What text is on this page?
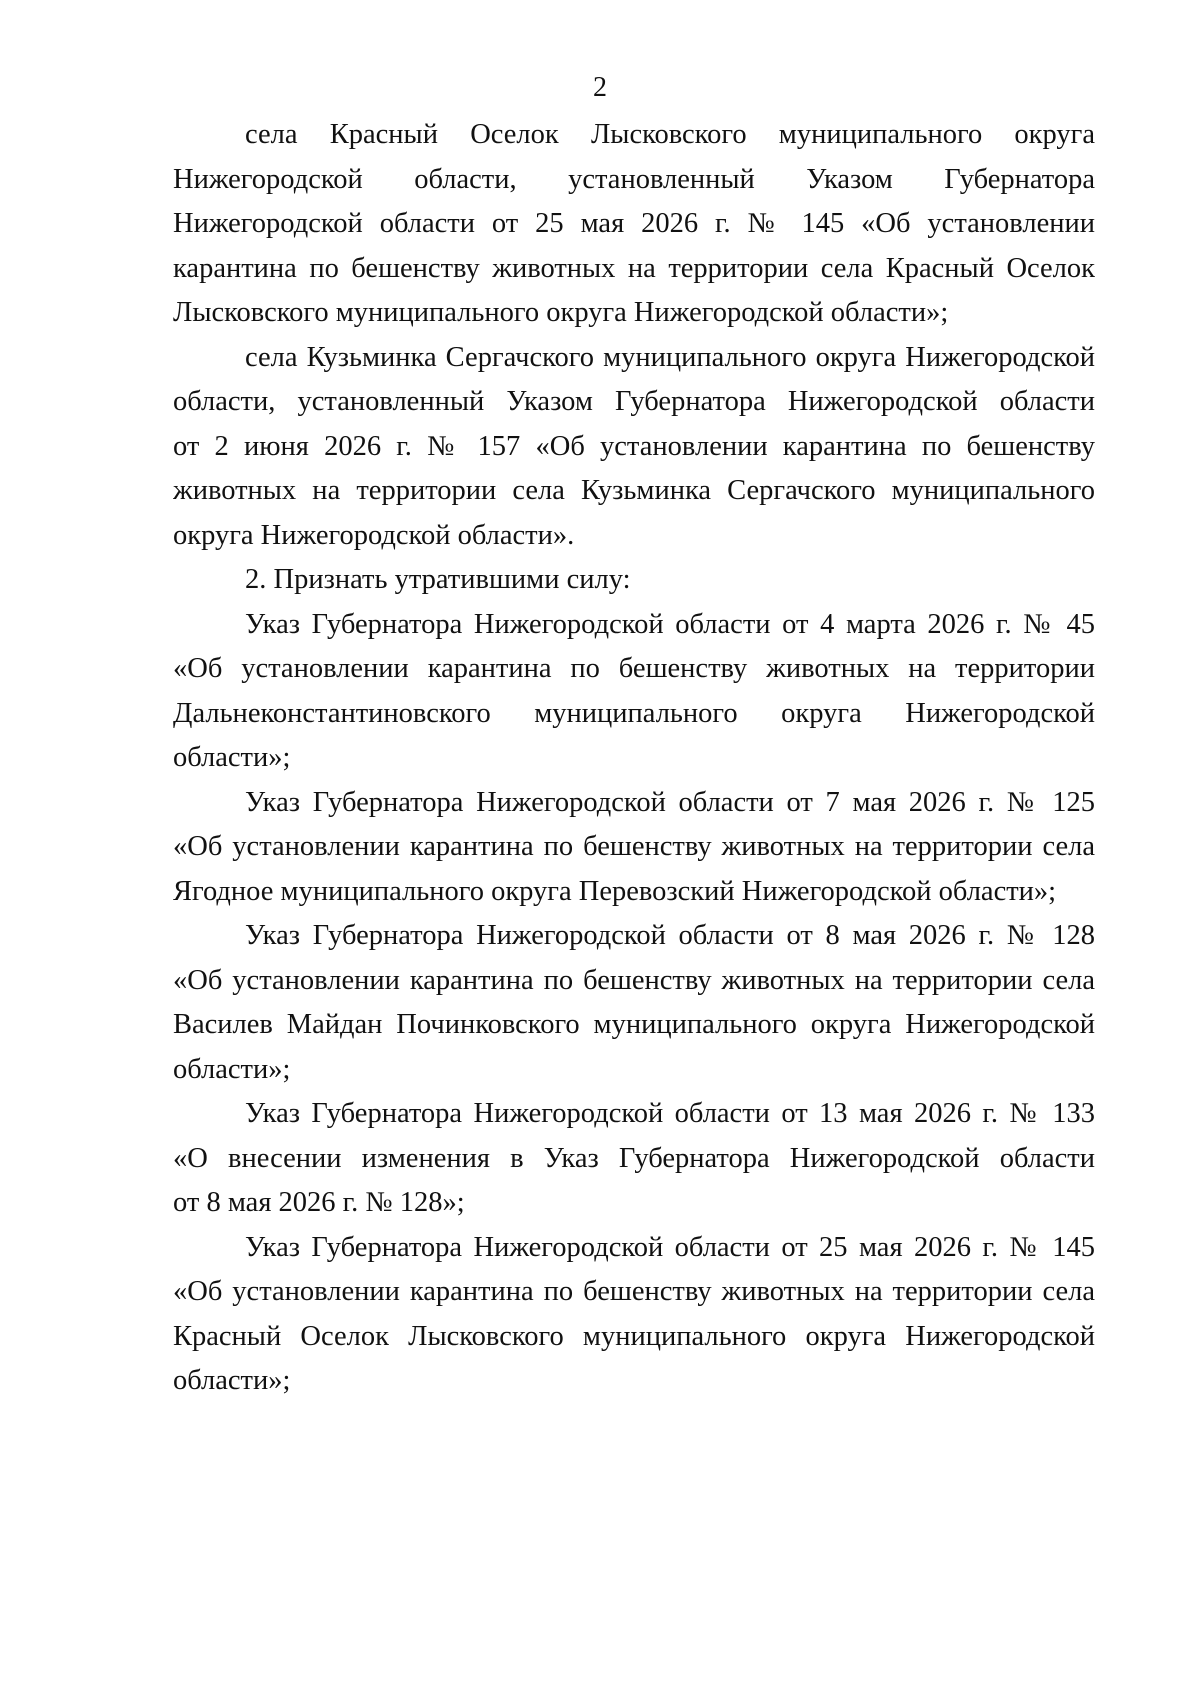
2
села Красный Оселок Лысковского муниципального округа
Нижегородской области, установленный Указом Губернатора
Нижегородской области от 25 мая 2026 г. № 145 «Об установлении
карантина по бешенству животных на территории села Красный Оселок
Лысковского муниципального округа Нижегородской области»;
села Кузьминка Сергачского муниципального округа Нижегородской
области, установленный Указом Губернатора Нижегородской области
от 2 июня 2026 г. № 157 «Об установлении карантина по бешенству
животных на территории села Кузьминка Сергачского муниципального
округа Нижегородской области».
2. Признать утратившими силу:
Указ Губернатора Нижегородской области от 4 марта 2026 г. № 45
«Об установлении карантина по бешенству животных на территории
Дальнеконстантиновского муниципального округа Нижегородской
области»;
Указ Губернатора Нижегородской области от 7 мая 2026 г. № 125
«Об установлении карантина по бешенству животных на территории села
Ягодное муниципального округа Перевозский Нижегородской области»;
Указ Губернатора Нижегородской области от 8 мая 2026 г. № 128
«Об установлении карантина по бешенству животных на территории села
Василев Майдан Починковского муниципального округа Нижегородской
области»;
Указ Губернатора Нижегородской области от 13 мая 2026 г. № 133
«О внесении изменения в Указ Губернатора Нижегородской области
от 8 мая 2026 г. № 128»;
Указ Губернатора Нижегородской области от 25 мая 2026 г. № 145
«Об установлении карантина по бешенству животных на территории села
Красный Оселок Лысковского муниципального округа Нижегородской
области»;
